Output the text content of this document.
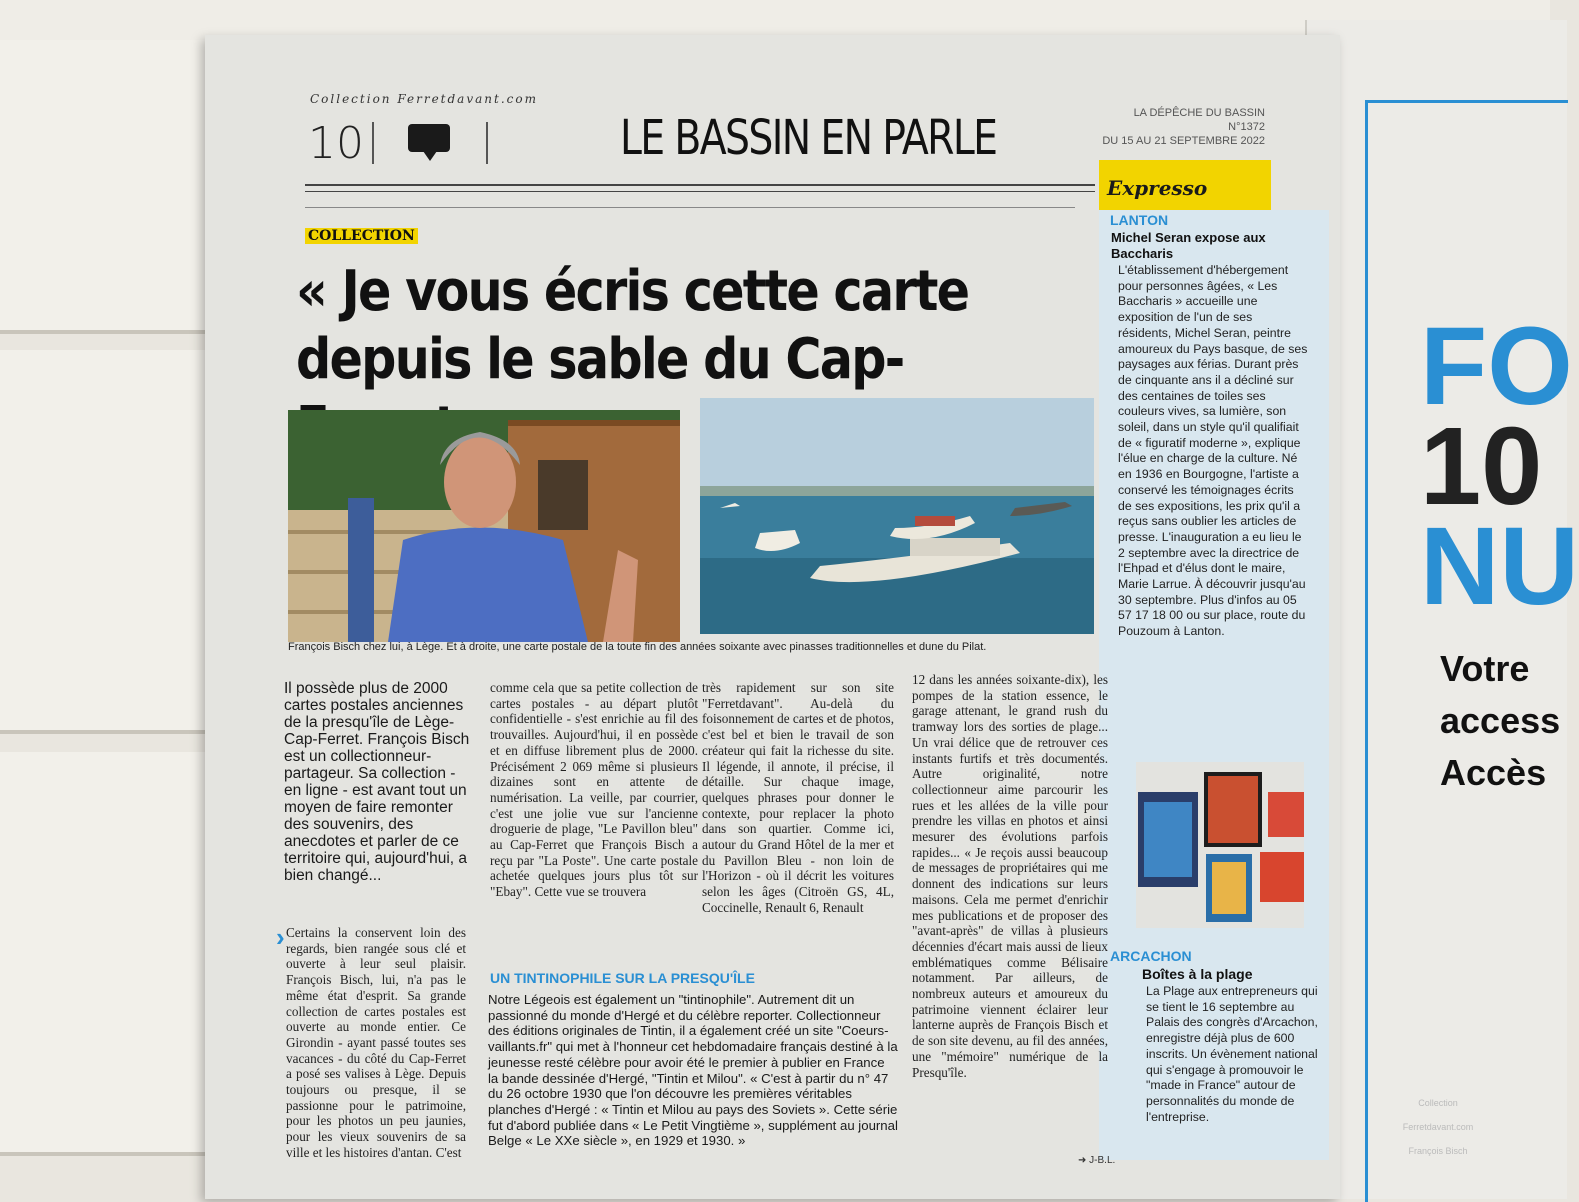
FO
10
NU
Votre
access
Accès
Collection Ferretdavant.com
10	LE BASSIN EN PARLE	LA DÉPÊCHE DU BASSIN
N°1372
DU 15 AU 21 SEPTEMBRE 2022
Expresso
COLLECTION
« Je vous écris cette carte depuis le sable du Cap-
François Bisch chez lui, à Lège. Et à droite, une carte postale de la toute fin des années soixante avec pinasses traditionnelles et dune du Pilat.
Il possède plus de 2000 cartes postales anciennes de la presqu'île de Lège-Cap-Ferret. François Bisch est un collectionneur-partageur. Sa collection - en ligne - est avant tout un moyen de faire remonter des souvenirs, des anecdotes et parler de ce territoire qui, aujourd'hui, a bien changé...
› Certains la conservent loin des regards, bien rangée sous clé et ouverte à leur seul plaisir. François Bisch, lui, n'a pas le même état d'esprit. Sa grande collection de cartes postales est ouverte au monde entier. Ce Girondin - ayant passé toutes ses vacances - du côté du Cap-Ferret a posé ses valises à Lège. Depuis toujours ou presque, il se passionne pour le patrimoine, pour les photos un peu jaunies, pour les vieux souvenirs de sa ville et les histoires d'antan. C'est

comme cela que sa petite collection de cartes postales - au départ plutôt confidentielle - s'est enrichie au fil des trouvailles. Aujourd'hui, il en possède et en diffuse librement plus de 2000. Précisément 2 069 même si plusieurs dizaines sont en attente de numérisation. La veille, par courrier, c'est une jolie vue sur l'ancienne droguerie de plage, "Le Pavillon bleu" au Cap-Ferret que François Bisch a reçu par "La Poste". Une carte postale achetée quelques jours plus tôt sur "Ebay". Cette vue se trouvera

très rapidement sur son site "Ferretdavant". Au-delà du foisonnement de cartes et de photos, c'est bel et bien le travail de son créateur qui fait la richesse du site. Il légende, il annote, il précise, il détaille. Sur chaque image, quelques phrases pour donner le contexte, pour replacer la photo dans son quartier. Comme ici, autour du Grand Hôtel de la mer et du Pavillon Bleu - non loin de l'Horizon - où il décrit les voitures selon les âges (Citroën GS, 4L, Coccinelle, Renault 6, Renault

12 dans les années soixante-dix), les pompes de la station essence, le garage attenant, le grand rush du tramway lors des sorties de plage... Un vrai délice que de retrouver ces instants furtifs et très documentés. Autre originalité, notre collectionneur aime parcourir les rues et les allées de la ville pour prendre les villas en photos et ainsi mesurer des évolutions parfois rapides... « Je reçois aussi beaucoup de messages de propriétaires qui me donnent des indications sur leurs maisons. Cela me permet d'enrichir mes publications et de proposer des "avant-après" de villas à plusieurs décennies d'écart mais aussi de lieux emblématiques comme Bélisaire notamment. Par ailleurs, de nombreux auteurs et amoureux du patrimoine viennent éclairer leur lanterne auprès de François Bisch et de son site devenu, au fil des années, une "mémoire" numérique de la Presqu'île.

UN TINTINOPHILE SUR LA PRESQU'ÎLE
Notre Légeois est également un "tintinophile". Autrement dit un passionné du monde d'Hergé et du célèbre reporter. Collectionneur des éditions originales de Tintin, il a également créé un site "Coeurs-vaillants.fr" qui met à l'honneur cet hebdomadaire français destiné à la jeunesse resté célèbre pour avoir été le premier à publier en France la bande dessinée d'Hergé, "Tintin et Milou". « C'est à partir du n° 47 du 26 octobre 1930 que l'on découvre les premières véritables planches d'Hergé : « Tintin et Milou au pays des Soviets ». Cette série fut d'abord publiée dans « Le Petit Vingtième », supplément au journal Belge « Le XXe siècle », en 1929 et 1930. »
➜ J-B.L.
LANTON
Michel Seran expose aux Baccharis
L'établissement d'hébergement pour personnes âgées, « Les Baccharis » accueille une exposition de l'un de ses résidents, Michel Seran, peintre amoureux du Pays basque, de ses paysages aux férias. Durant près de cinquante ans il a décliné sur des centaines de toiles ses couleurs vives, sa lumière, son soleil, dans un style qu'il qualifiait de « figuratif moderne », explique l'élue en charge de la culture. Né en 1936 en Bourgogne, l'artiste a conservé les témoignages écrits de ses expositions, les prix qu'il a reçus sans oublier les articles de presse. L'inauguration a eu lieu le 2 septembre avec la directrice de l'Ehpad et d'élus dont le maire, Marie Larrue. À découvrir jusqu'au 30 septembre. Plus d'infos au 05 57 17 18 00 ou sur place, route du Pouzoum à Lanton.
ARCACHON
Boîtes à la plage
La Plage aux entrepreneurs qui se tient le 16 septembre au Palais des congrès d'Arcachon, enregistre déjà plus de 600 inscrits. Un évènement national qui s'engage à promouvoir le "made in France" autour de personnalités du monde de l'entreprise.
Collection
Ferretdavant.com
François Bisch
